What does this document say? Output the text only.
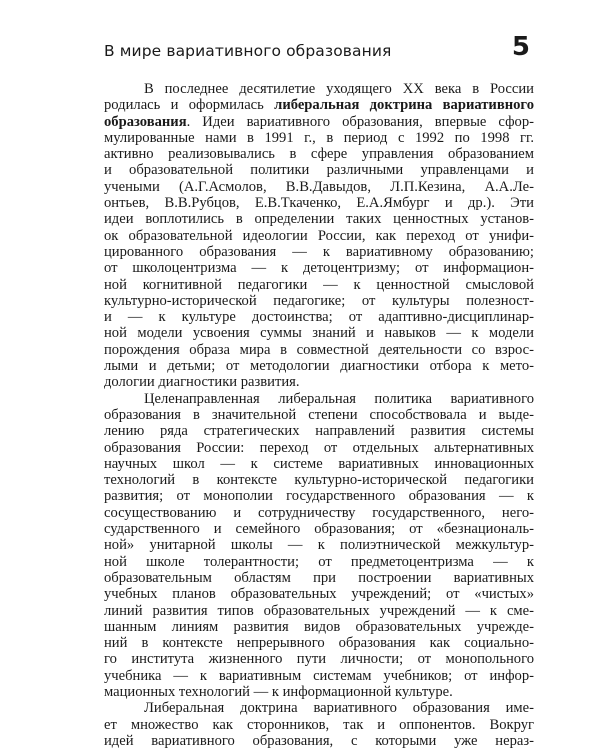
В мире вариативного образования	5
В последнее десятилетие уходящего XX века в России
родилась и оформилась либеральная доктрина вариативного
образования. Идеи вариативного образования, впервые сфор-
мулированные нами в 1991 г., в период с 1992 по 1998 гг.
активно реализовывались в сфере управления образованием
и образовательной политики различными управленцами и
учеными (А.Г.Асмолов, В.В.Давыдов, Л.П.Кезина, А.А.Ле-
онтьев, В.В.Рубцов, Е.В.Ткаченко, Е.А.Ямбург и др.). Эти
идеи воплотились в определении таких ценностных установ-
ок образовательной идеологии России, как переход от унифи-
цированного образования — к вариативному образованию;
от школоцентризма — к детоцентризму; от информацион-
ной когнитивной педагогики — к ценностной смысловой
культурно-исторической педагогике; от культуры полезност-
и — к культуре достоинства; от адаптивно-дисциплинар-
ной модели усвоения суммы знаний и навыков — к модели
порождения образа мира в совместной деятельности со взрос-
лыми и детьми; от методологии диагностики отбора к мето-
дологии диагностики развития.
Целенаправленная либеральная политика вариативного
образования в значительной степени способствовала и выде-
лению ряда стратегических направлений развития системы
образования России: переход от отдельных альтернативных
научных школ — к системе вариативных инновационных
технологий в контексте культурно-исторической педагогики
развития; от монополии государственного образования — к
сосуществованию и сотрудничеству государственного, него-
сударственного и семейного образования; от «безнациональ-
ной» унитарной школы — к полиэтнической межкультур-
ной школе толерантности; от предметоцентризма — к
образовательным областям при построении вариативных
учебных планов образовательных учреждений; от «чистых»
линий развития типов образовательных учреждений — к сме-
шанным линиям развития видов образовательных учрежде-
ний в контексте непрерывного образования как социально-
го института жизненного пути личности; от монопольного
учебника — к вариативным системам учебников; от инфор-
мационных технологий — к информационной культуре.
Либеральная доктрина вариативного образования име-
ет множество как сторонников, так и оппонентов. Вокруг
идей вариативного образования, с которыми уже нераз-
